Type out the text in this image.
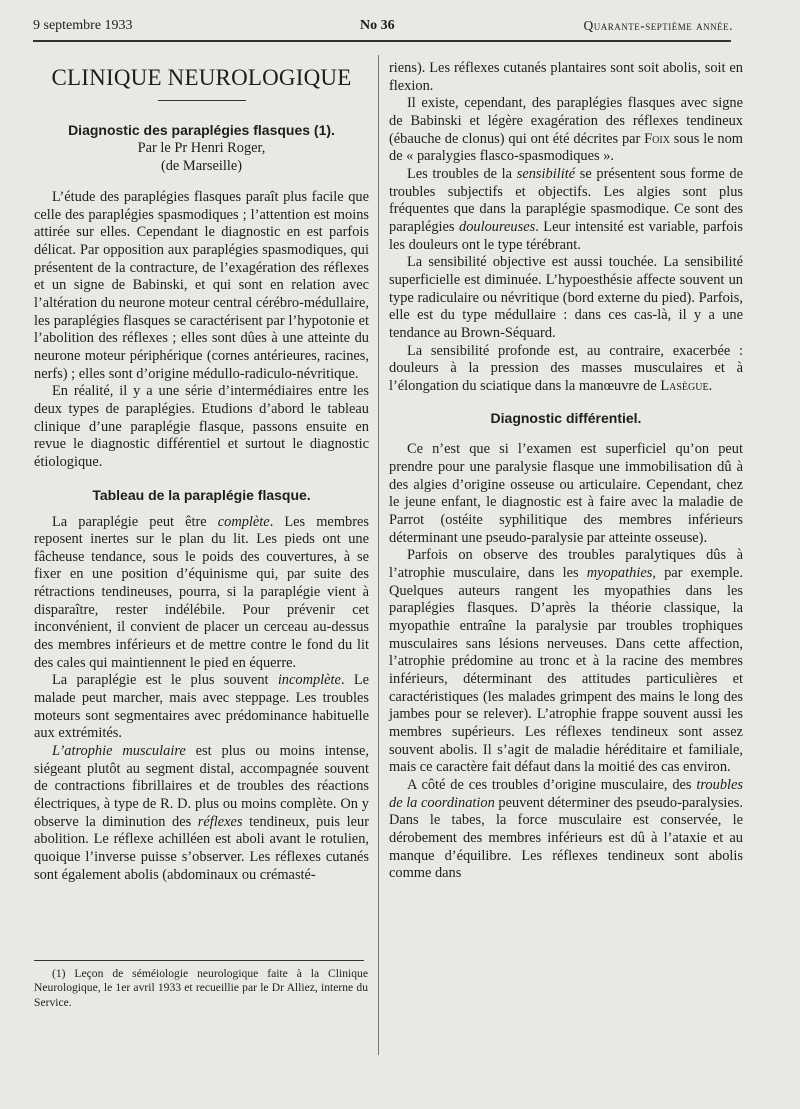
9 septembre 1933	No 36	Quarante-septième année.
CLINIQUE NEUROLOGIQUE
Diagnostic des paraplégies flasques (1).
Par le Pr Henri Roger,
(de Marseille)

L’étude des paraplégies flasques paraît plus facile que celle des paraplégies spasmodiques ; l’attention est moins attirée sur elles. Cependant le diagnostic en est parfois délicat. Par opposition aux paraplégies spasmodiques, qui présentent de la contracture, de l’exagération des réflexes et un signe de Babinski, et qui sont en relation avec l’altération du neurone moteur central cérébro-médullaire, les paraplégies flasques se caractérisent par l’hypotonie et l’abolition des réflexes ; elles sont dûes à une atteinte du neurone moteur périphérique (cornes antérieures, racines, nerfs) ; elles sont d’origine médullo-radiculo-névritique.

En réalité, il y a une série d’intermédiaires entre les deux types de paraplégies. Etudions d’abord le tableau clinique d’une paraplégie flasque, passons ensuite en revue le diagnostic différentiel et surtout le diagnostic étiologique.

Tableau de la paraplégie flasque.

La paraplégie peut être complète. Les membres reposent inertes sur le plan du lit. Les pieds ont une fâcheuse tendance, sous le poids des couvertures, à se fixer en une position d’équinisme qui, par suite des rétractions tendineuses, pourra, si la paraplégie vient à disparaître, rester indélébile. Pour prévenir cet inconvénient, il convient de placer un cerceau au-dessus des membres inférieurs et de mettre contre le fond du lit des cales qui maintiennent le pied en équerre.

La paraplégie est le plus souvent incomplète. Le malade peut marcher, mais avec steppage. Les troubles moteurs sont segmentaires avec prédominance habituelle aux extrémités.

L’atrophie musculaire est plus ou moins intense, siégeant plutôt au segment distal, accompagnée souvent de contractions fibrillaires et de troubles des réactions électriques, à type de R. D. plus ou moins complète. On y observe la diminution des réflexes tendineux, puis leur abolition. Le réflexe achilléen est aboli avant le rotulien, quoique l’inverse puisse s’observer. Les réflexes cutanés sont également abolis (abdominaux ou crémasté-

(1) Leçon de séméiologie neurologique faite à la Clinique Neurologique, le 1er avril 1933 et recueillie par le Dr Alliez, interne du Service.

riens). Les réflexes cutanés plantaires sont soit abolis, soit en flexion.

Il existe, cependant, des paraplégies flasques avec signe de Babinski et légère exagération des réflexes tendineux (ébauche de clonus) qui ont été décrites par Foix sous le nom de « paralygies flasco-spasmodiques ».

Les troubles de la sensibilité se présentent sous forme de troubles subjectifs et objectifs. Les algies sont plus fréquentes que dans la paraplégie spasmodique. Ce sont des paraplégies douloureuses. Leur intensité est variable, parfois les douleurs ont le type térébrant.

La sensibilité objective est aussi touchée. La sensibilité superficielle est diminuée. L’hypoesthésie affecte souvent un type radiculaire ou névritique (bord externe du pied). Parfois, elle est du type médullaire : dans ces cas-là, il y a une tendance au Brown-Séquard.

La sensibilité profonde est, au contraire, exacerbée : douleurs à la pression des masses musculaires et à l’élongation du sciatique dans la manœuvre de Lasègue.

Diagnostic différentiel.

Ce n’est que si l’examen est superficiel qu’on peut prendre pour une paralysie flasque une immobilisation dû à des algies d’origine osseuse ou articulaire. Cependant, chez le jeune enfant, le diagnostic est à faire avec la maladie de Parrot (ostéite syphilitique des membres inférieurs déterminant une pseudo-paralysie par atteinte osseuse).

Parfois on observe des troubles paralytiques dûs à l’atrophie musculaire, dans les myopathies, par exemple. Quelques auteurs rangent les myopathies dans les paraplégies flasques. D’après la théorie classique, la myopathie entraîne la paralysie par troubles trophiques musculaires sans lésions nerveuses. Dans cette affection, l’atrophie prédomine au tronc et à la racine des membres inférieurs, déterminant des attitudes particulières et caractéristiques (les malades grimpent des mains le long des jambes pour se relever). L’atrophie frappe souvent aussi les membres supérieurs. Les réflexes tendineux sont assez souvent abolis. Il s’agit de maladie héréditaire et familiale, mais ce caractère fait défaut dans la moitié des cas environ.

A côté de ces troubles d’origine musculaire, des troubles de la coordination peuvent déterminer des pseudo-paralysies. Dans le tabes, la force musculaire est conservée, le dérobement des membres inférieurs est dû à l’ataxie et au manque d’équilibre. Les réflexes tendineux sont abolis comme dans
